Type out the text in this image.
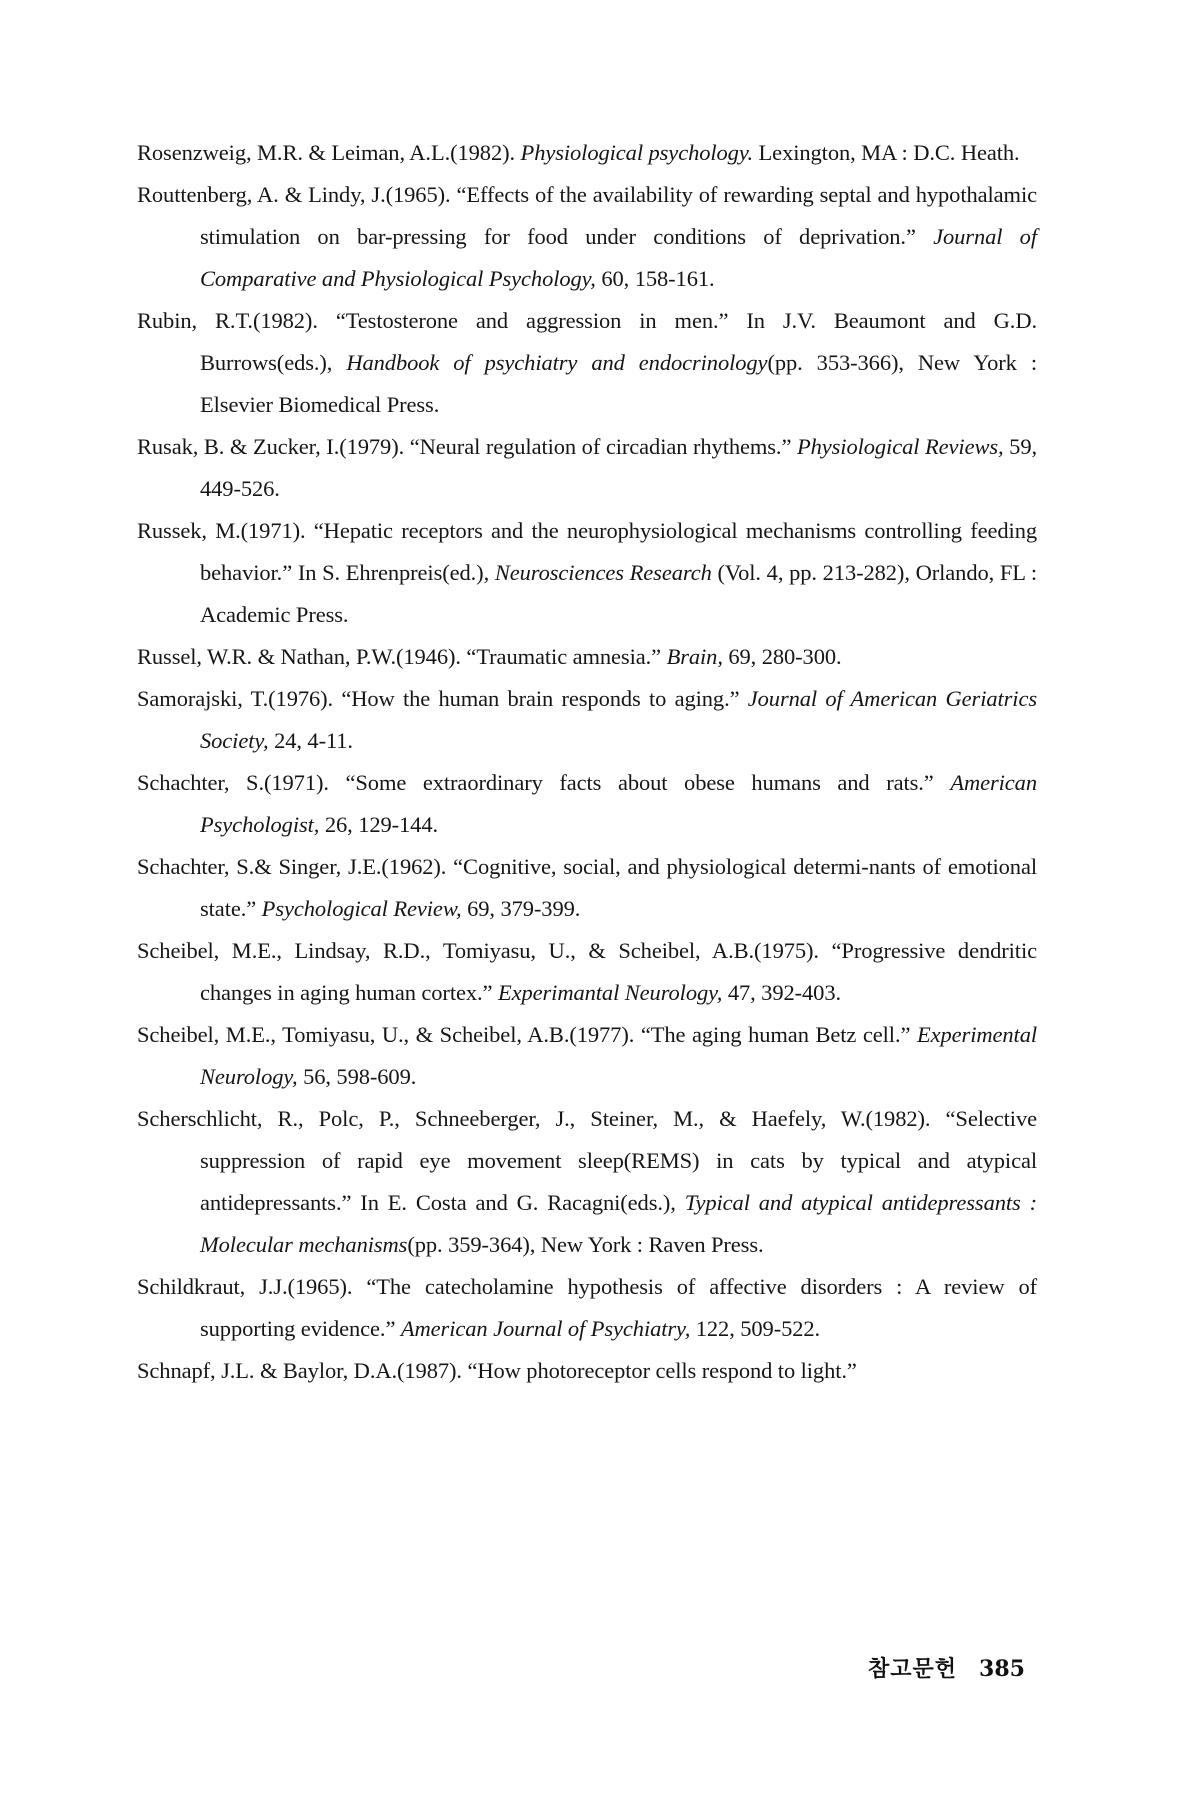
Rosenzweig, M.R. & Leiman, A.L.(1982). Physiological psychology. Lexington, MA : D.C. Heath.

Routtenberg, A. & Lindy, J.(1965). “Effects of the availability of rewarding septal and hypothalamic stimulation on bar-pressing for food under conditions of deprivation.” Journal of Comparative and Physiological Psychology, 60, 158-161.

Rubin, R.T.(1982). “Testosterone and aggression in men.” In J.V. Beaumont and G.D. Burrows(eds.), Handbook of psychiatry and endocrinology(pp. 353-366), New York : Elsevier Biomedical Press.

Rusak, B. & Zucker, I.(1979). “Neural regulation of circadian rhythems.” Physiological Reviews, 59, 449-526.

Russek, M.(1971). “Hepatic receptors and the neurophysiological mechanisms controlling feeding behavior.” In S. Ehrenpreis(ed.), Neurosciences Research (Vol. 4, pp. 213-282), Orlando, FL : Academic Press.

Russel, W.R. & Nathan, P.W.(1946). “Traumatic amnesia.” Brain, 69, 280-300.

Samorajski, T.(1976). “How the human brain responds to aging.” Journal of American Geriatrics Society, 24, 4-11.

Schachter, S.(1971). “Some extraordinary facts about obese humans and rats.” American Psychologist, 26, 129-144.

Schachter, S.& Singer, J.E.(1962). “Cognitive, social, and physiological determi-nants of emotional state.” Psychological Review, 69, 379-399.

Scheibel, M.E., Lindsay, R.D., Tomiyasu, U., & Scheibel, A.B.(1975). “Progressive dendritic changes in aging human cortex.” Experimantal Neurology, 47, 392-403.

Scheibel, M.E., Tomiyasu, U., & Scheibel, A.B.(1977). “The aging human Betz cell.” Experimental Neurology, 56, 598-609.

Scherschlicht, R., Polc, P., Schneeberger, J., Steiner, M., & Haefely, W.(1982). “Selective suppression of rapid eye movement sleep(REMS) in cats by typical and atypical antidepressants.” In E. Costa and G. Racagni(eds.), Typical and atypical antidepressants : Molecular mechanisms(pp. 359-364), New York : Raven Press.

Schildkraut, J.J.(1965). “The catecholamine hypothesis of affective disorders : A review of supporting evidence.” American Journal of Psychiatry, 122, 509-522.

Schnapf, J.L. & Baylor, D.A.(1987). “How photoreceptor cells respond to light.”

참고문헌 385
